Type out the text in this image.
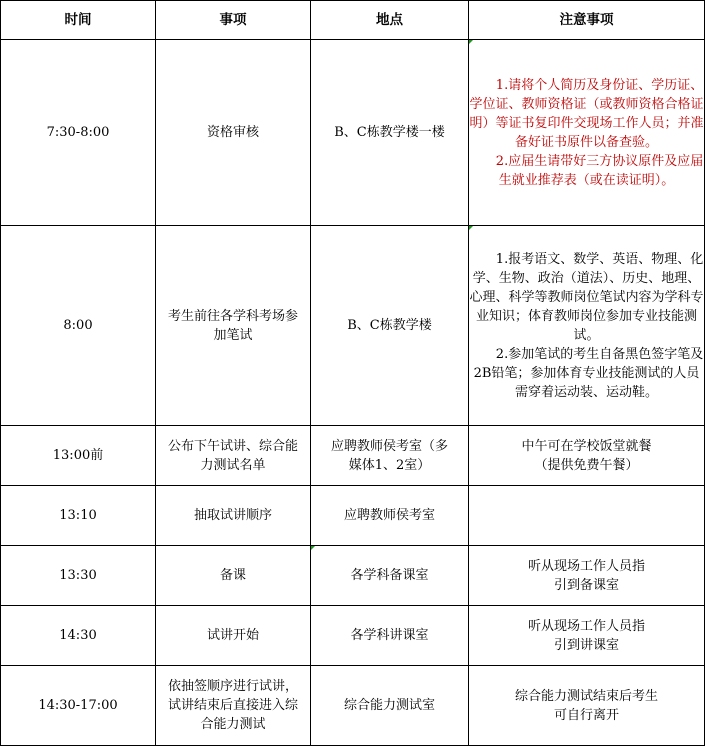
时间	事项	地点	注意事项
7:30-8:00	资格审核	B、C栋教学楼一楼	1.请将个人简历及身份证、学历证、学位证、教师资格证（或教师资格合格证明）等证书复印件交现场工作人员；并准备好证书原件以备查验。
2.应届生请带好三方协议原件及应届生就业推荐表（或在读证明）。

8:00	考生前往各学科考场参加笔试	B、C栋教学楼	1.报考语文、数学、英语、物理、化学、生物、政治（道法）、历史、地理、心理、科学等教师岗位笔试内容为学科专业知识；体育教师岗位参加专业技能测试。
2.参加笔试的考生自备黑色签字笔及2B铅笔；参加体育专业技能测试的人员需穿着运动装、运动鞋。

13:00前	公布下午试讲、综合能力测试名单	应聘教师侯考室（多媒体1、2室）	中午可在学校饭堂就餐（提供免费午餐）
13:10	抽取试讲顺序	应聘教师侯考室	
13:30	备课	各学科备课室	听从现场工作人员指引到备课室
14:30	试讲开始	各学科讲课室	听从现场工作人员指引到讲课室
14:30-17:00	依抽签顺序进行试讲，试讲结束后直接进入综合能力测试	综合能力测试室	综合能力测试结束后考生可自行离开
